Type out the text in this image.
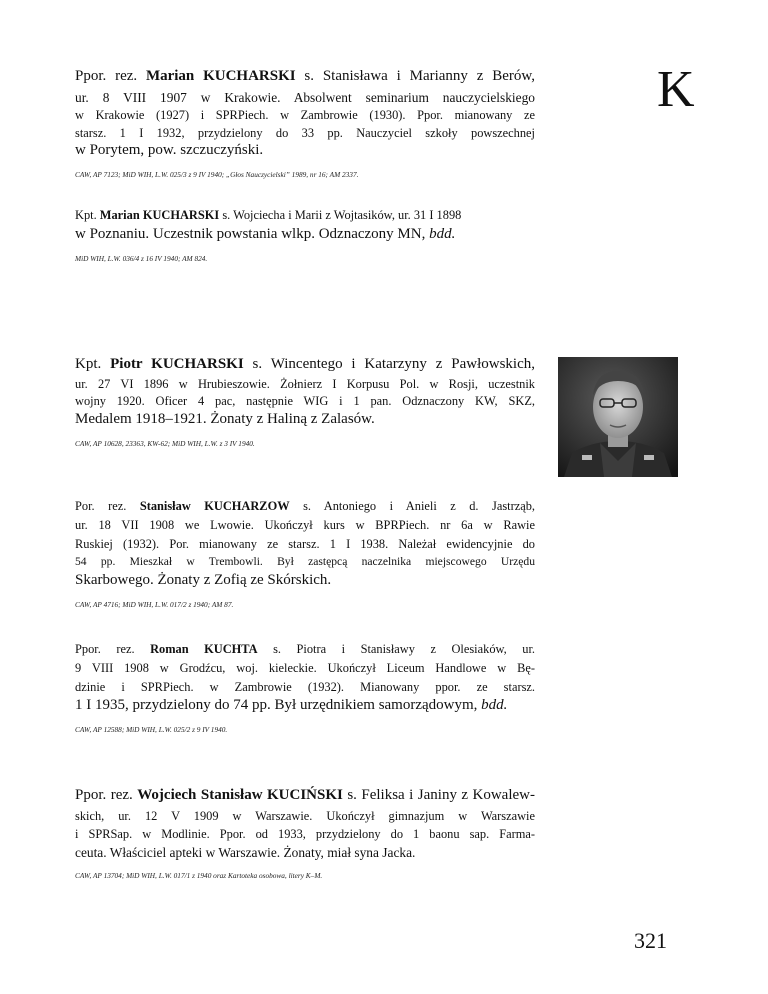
K
Ppor. rez. Marian KUCHARSKI s. Stanisława i Marianny z Berów,
ur. 8 VIII 1907 w Krakowie. Absolwent seminarium nauczycielskiego
w Krakowie (1927) i SPRPiech. w Zambrowie (1930). Ppor. mianowany ze
starsz. 1 I 1932, przydzielony do 33 pp. Nauczyciel szkoły powszechnej
w Porytem, pow. szczuczyński.
CAW, AP 7123; MiD WIH, L.W. 025/3 z 9 IV 1940; „Głos Nauczycielski” 1989, nr 16; AM 2337.
Kpt. Marian KUCHARSKI s. Wojciecha i Marii z Wojtasików, ur. 31 I 1898
w Poznaniu. Uczestnik powstania wlkp. Odznaczony MN, bdd.
MiD WIH, L.W. 036/4 z 16 IV 1940; AM 824.
Kpt. Piotr KUCHARSKI s. Wincentego i Katarzyny z Pawłowskich,
ur. 27 VI 1896 w Hrubieszowie. Żołnierz I Korpusu Pol. w Rosji, uczestnik
wojny 1920. Oficer 4 pac, następnie WIG i 1 pan. Odznaczony KW, SKZ,
Medalem 1918–1921. Żonaty z Haliną z Zalasów.
CAW, AP 10628, 23363, KW-62; MiD WIH, L.W. z 3 IV 1940.
Por. rez. Stanisław KUCHARZOW s. Antoniego i Anieli z d. Jastrząb,
ur. 18 VII 1908 we Lwowie. Ukończył kurs w BPRPiech. nr 6a w Rawie
Ruskiej (1932). Por. mianowany ze starsz. 1 I 1938. Należał ewidencyjnie do
54 pp. Mieszkał w Trembowli. Był zastępcą naczelnika miejscowego Urzędu
Skarbowego. Żonaty z Zofią ze Skórskich.
CAW, AP 4716; MiD WIH, L.W. 017/2 z 1940; AM 87.
Ppor. rez. Roman KUCHTA s. Piotra i Stanisławy z Olesiaków, ur.
9 VIII 1908 w Grodźcu, woj. kieleckie. Ukończył Liceum Handlowe w Bę-
dzinie i SPRPiech. w Zambrowie (1932). Mianowany ppor. ze starsz.
1 I 1935, przydzielony do 74 pp. Był urzędnikiem samorządowym, bdd.
CAW, AP 12588; MiD WIH, L.W. 025/2 z 9 IV 1940.
Ppor. rez. Wojciech Stanisław KUCIŃSKI s. Feliksa i Janiny z Kowalew-
skich, ur. 12 V 1909 w Warszawie. Ukończył gimnazjum w Warszawie
i SPRSap. w Modlinie. Ppor. od 1933, przydzielony do 1 baonu sap. Farma-
ceuta. Właściciel apteki w Warszawie. Żonaty, miał syna Jacka.
CAW, AP 13704; MiD WIH, L.W. 017/1 z 1940 oraz Kartoteka osobowa, litery K–M.
321
